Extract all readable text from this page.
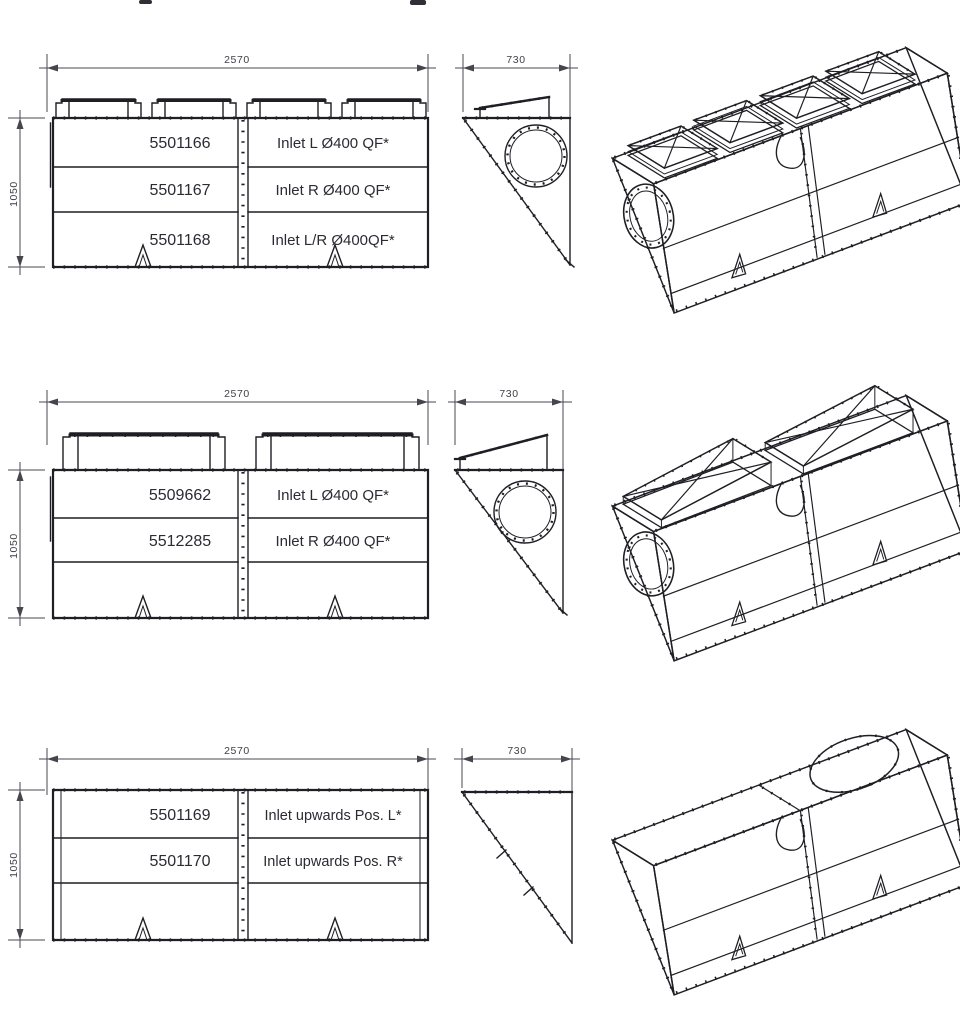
2570
1050
5501166	Inlet L Ø400 QF*
5501167	Inlet R Ø400 QF*
5501168	Inlet L/R Ø400QF*
730
2570
1050
5509662	Inlet L Ø400 QF*
5512285	Inlet R Ø400 QF*
730
2570
1050
5501169	Inlet upwards Pos. L*
5501170	Inlet upwards Pos. R*
730
